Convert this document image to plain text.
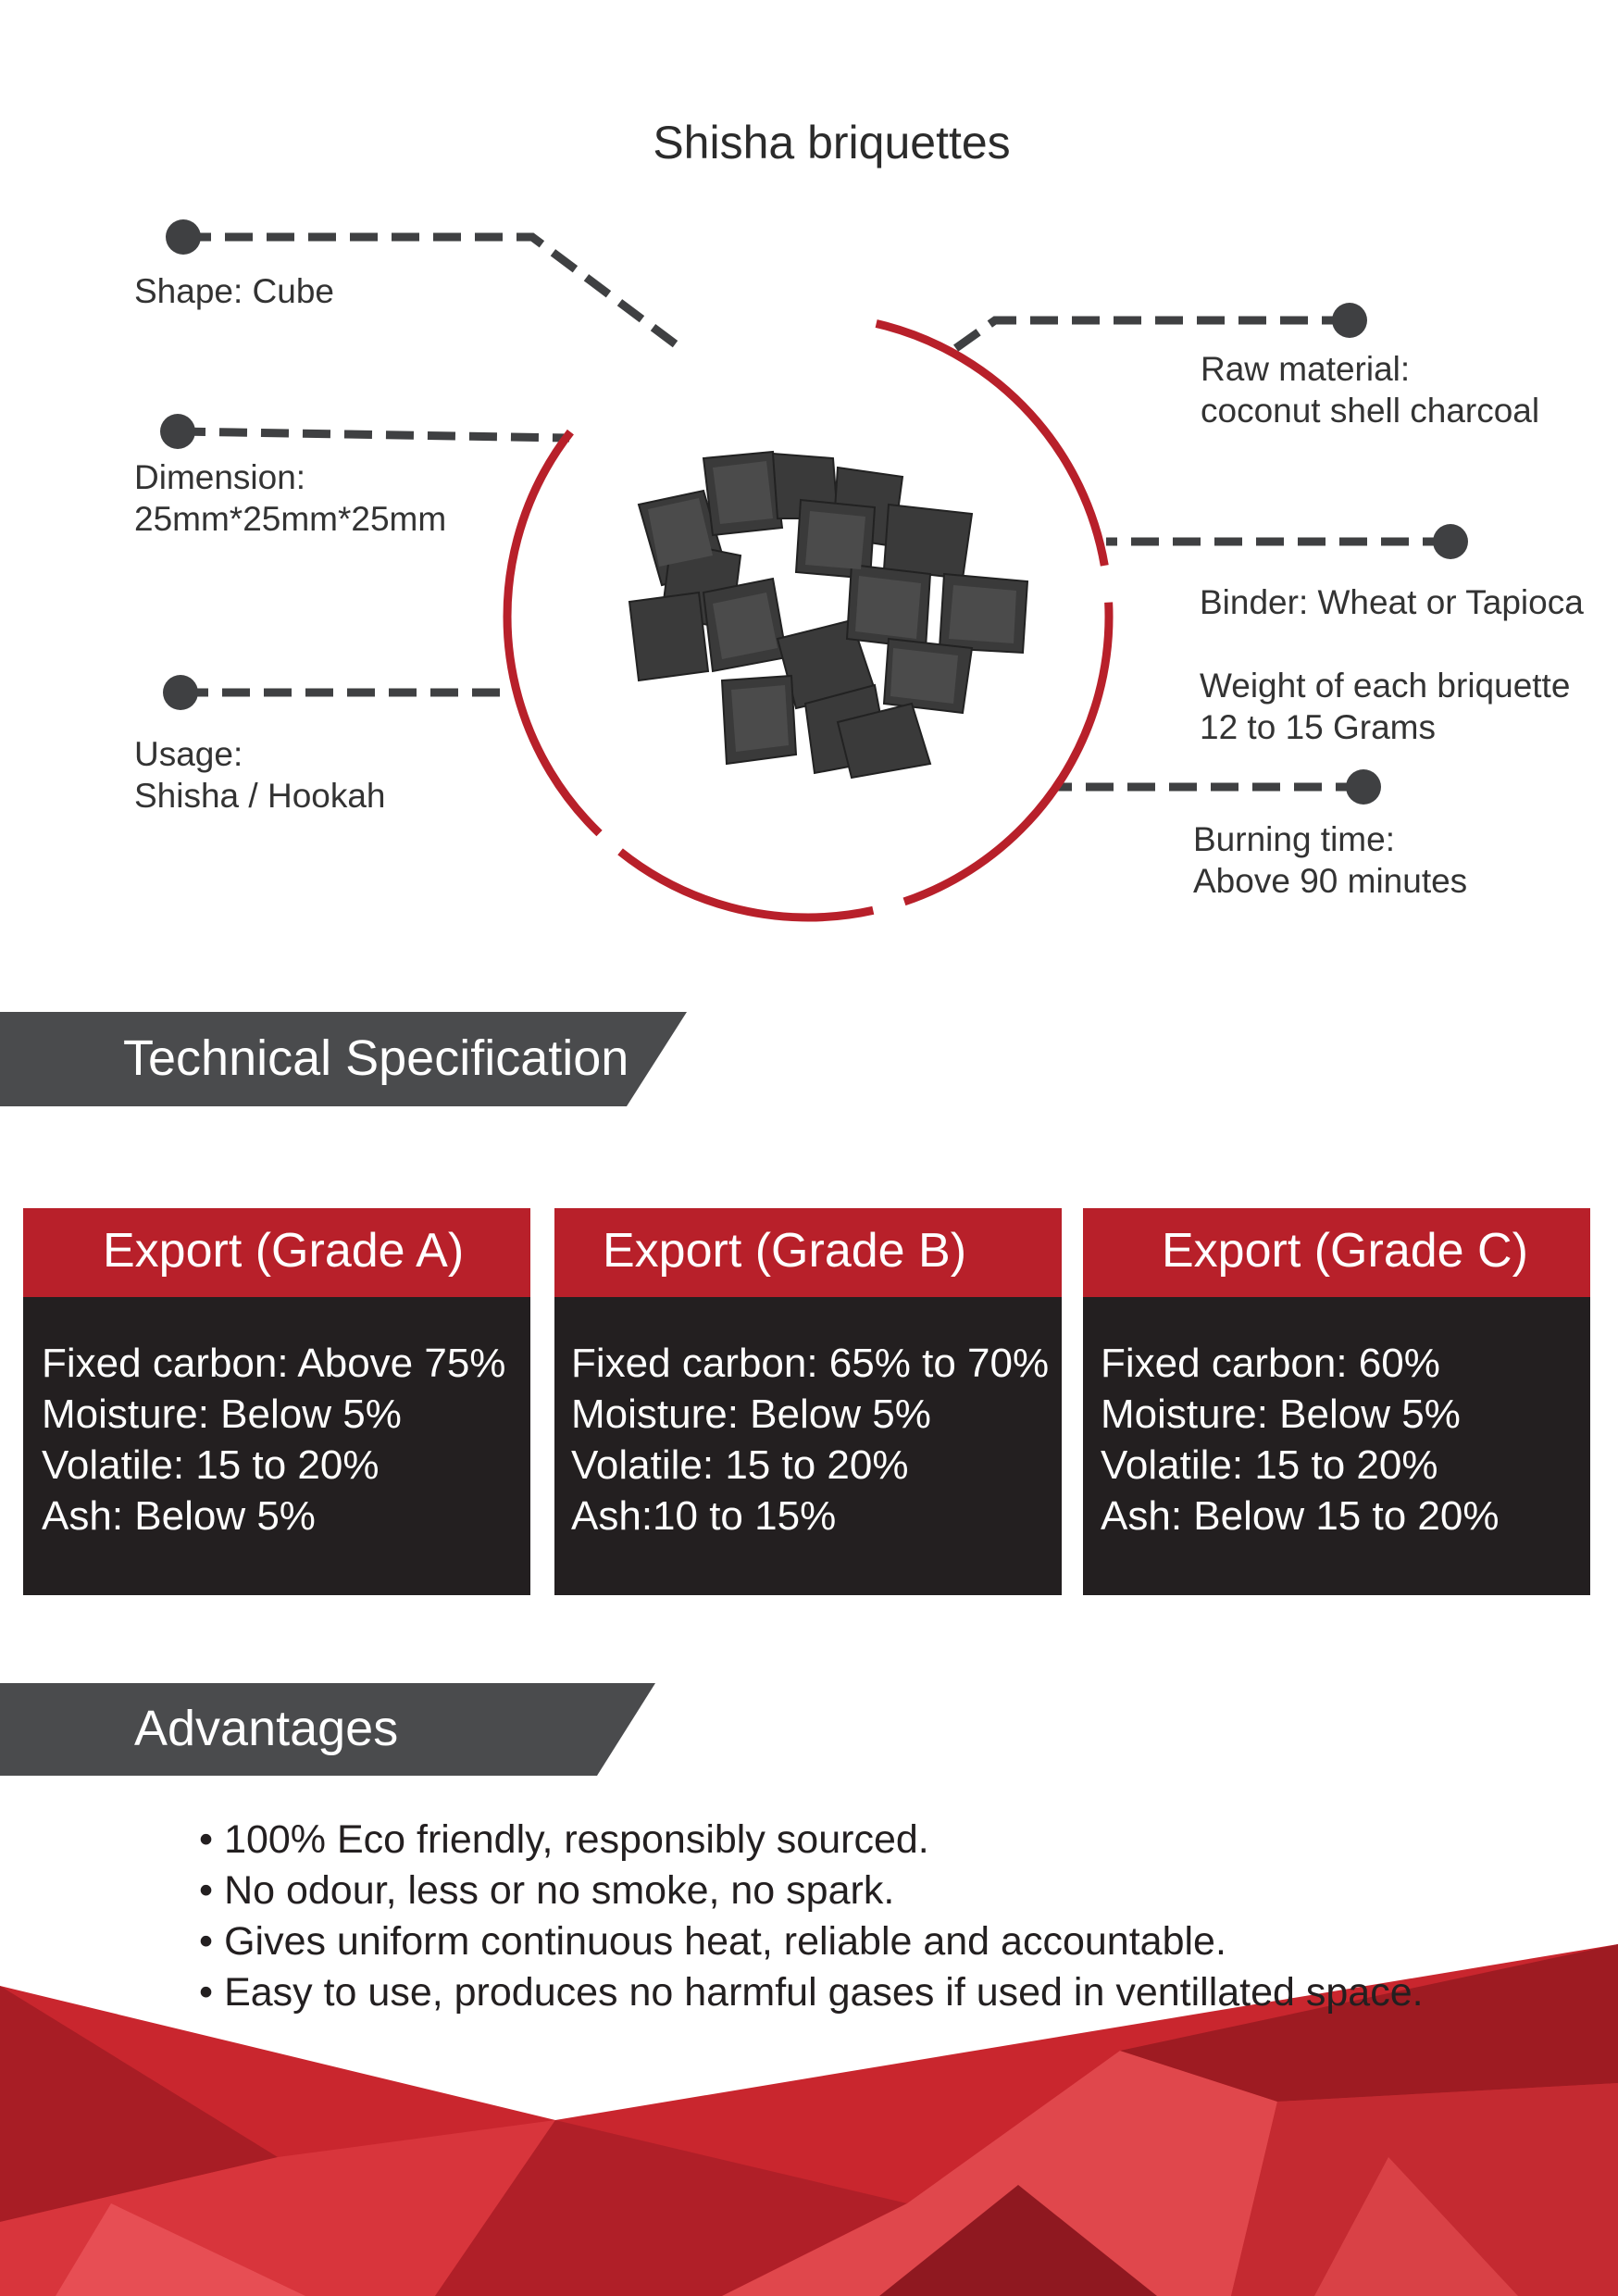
Shisha briquettes
Shape: Cube
Dimension:
25mm*25mm*25mm
Usage:
Shisha / Hookah
Raw material:
coconut shell charcoal
Binder: Wheat or Tapioca
Weight of each briquette
12 to 15 Grams
Burning time:
Above 90 minutes
Technical Specification
Advantages
Export (Grade A)
Fixed carbon: Above 75%
Moisture: Below 5%
Volatile: 15 to 20%
Ash: Below 5%
Export (Grade B)
Fixed carbon: 65% to 70%
Moisture: Below 5%
Volatile: 15 to 20%
Ash:10 to 15%
Export (Grade C)
Fixed carbon: 60%
Moisture: Below 5%
Volatile: 15 to 20%
Ash: Below 15 to 20%
• 100% Eco friendly, responsibly sourced.
• No odour, less or no smoke, no spark.
• Gives uniform continuous heat, reliable and accountable.
• Easy to use, produces no harmful gases if used in ventillated space.
